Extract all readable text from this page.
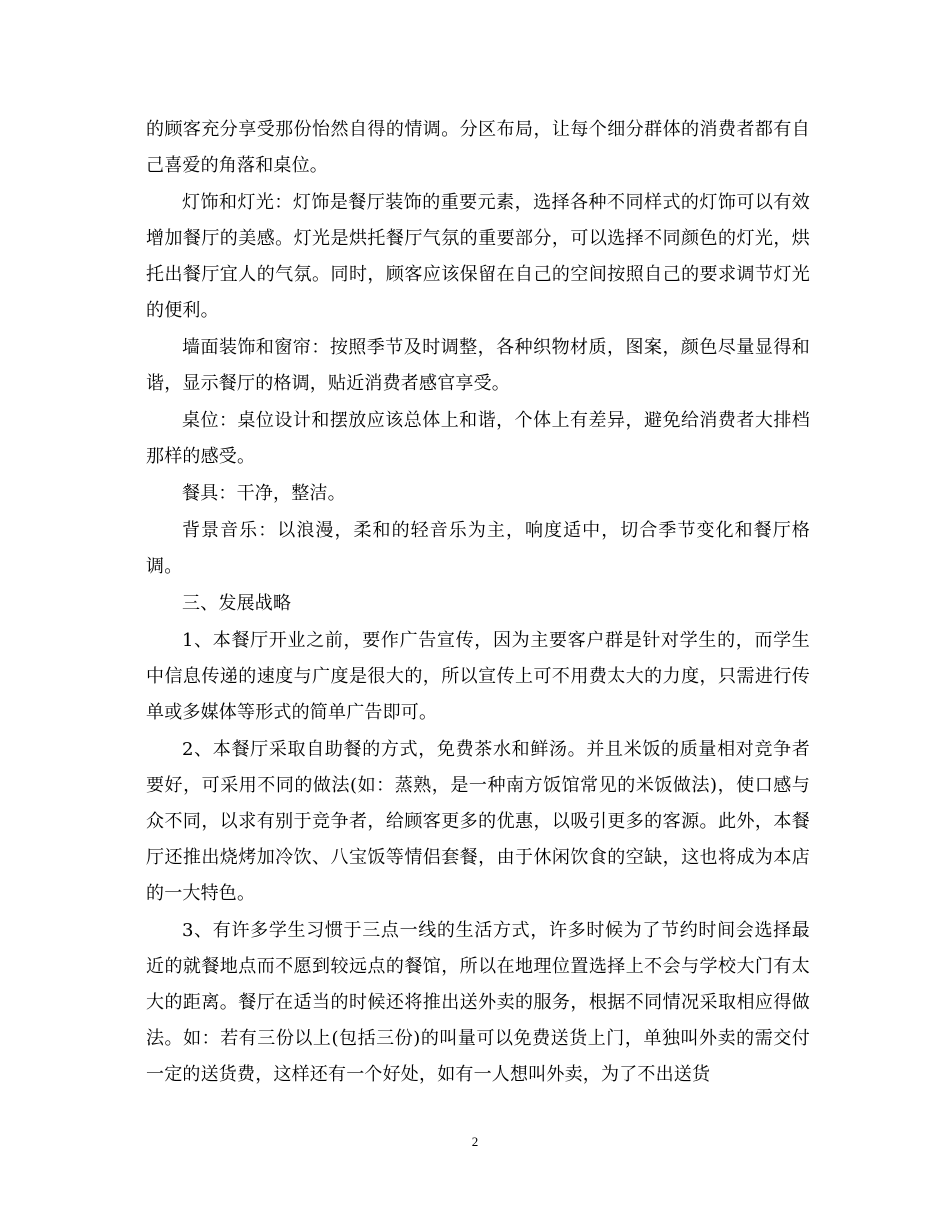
的顾客充分享受那份怡然自得的情调。分区布局，让每个细分群体的消费者都有自己喜爱的角落和桌位。

灯饰和灯光：灯饰是餐厅装饰的重要元素，选择各种不同样式的灯饰可以有效增加餐厅的美感。灯光是烘托餐厅气氛的重要部分，可以选择不同颜色的灯光，烘托出餐厅宜人的气氛。同时，顾客应该保留在自己的空间按照自己的要求调节灯光的便利。

墙面装饰和窗帘：按照季节及时调整，各种织物材质，图案，颜色尽量显得和谐，显示餐厅的格调，贴近消费者感官享受。

桌位：桌位设计和摆放应该总体上和谐，个体上有差异，避免给消费者大排档那样的感受。

餐具：干净，整洁。

背景音乐：以浪漫，柔和的轻音乐为主，响度适中，切合季节变化和餐厅格调。

三、发展战略

1、本餐厅开业之前，要作广告宣传，因为主要客户群是针对学生的，而学生中信息传递的速度与广度是很大的，所以宣传上可不用费太大的力度，只需进行传单或多媒体等形式的简单广告即可。

2、本餐厅采取自助餐的方式，免费茶水和鲜汤。并且米饭的质量相对竞争者要好，可采用不同的做法(如：蒸熟，是一种南方饭馆常见的米饭做法)，使口感与众不同，以求有别于竞争者，给顾客更多的优惠，以吸引更多的客源。此外，本餐厅还推出烧烤加冷饮、八宝饭等情侣套餐，由于休闲饮食的空缺，这也将成为本店的一大特色。

3、有许多学生习惯于三点一线的生活方式，许多时候为了节约时间会选择最近的就餐地点而不愿到较远点的餐馆，所以在地理位置选择上不会与学校大门有太大的距离。餐厅在适当的时候还将推出送外卖的服务，根据不同情况采取相应得做法。如：若有三份以上(包括三份)的叫量可以免费送货上门，单独叫外卖的需交付一定的送货费，这样还有一个好处，如有一人想叫外卖，为了不出送货

2
